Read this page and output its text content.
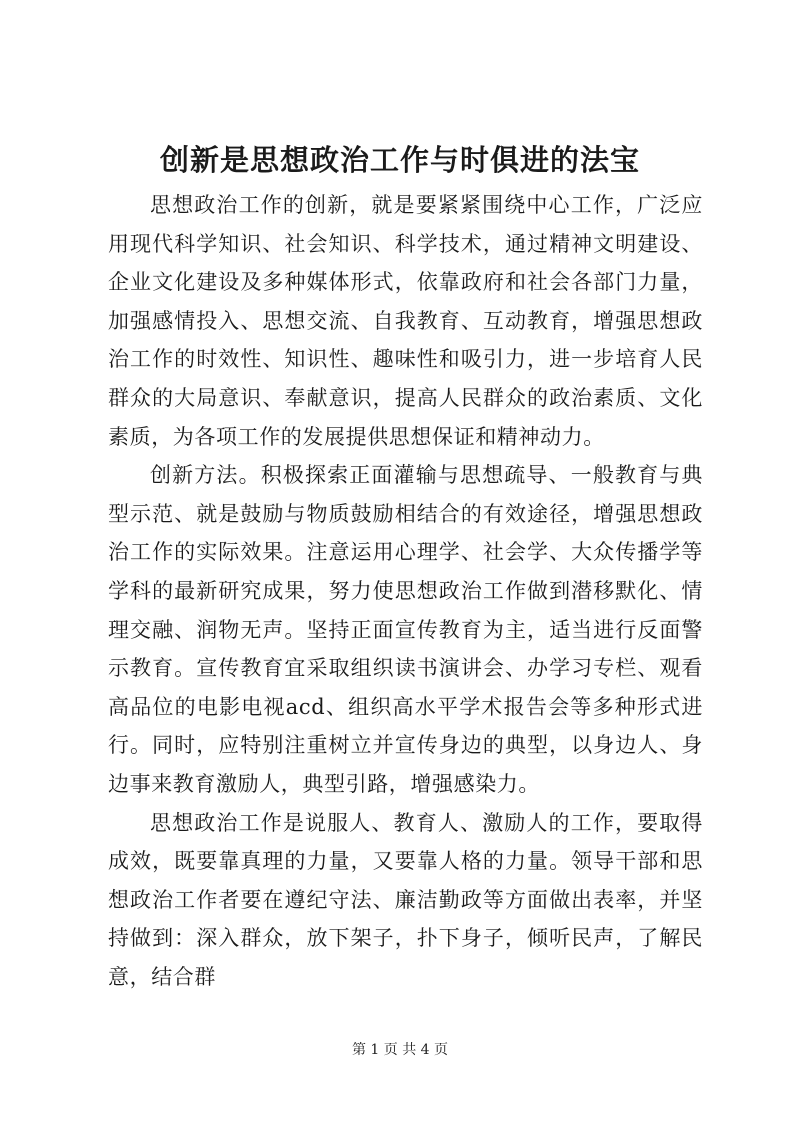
创新是思想政治工作与时俱进的法宝

思想政治工作的创新，就是要紧紧围绕中心工作，广泛应用现代科学知识、社会知识、科学技术，通过精神文明建设、企业文化建设及多种媒体形式，依靠政府和社会各部门力量，加强感情投入、思想交流、自我教育、互动教育，增强思想政治工作的时效性、知识性、趣味性和吸引力，进一步培育人民群众的大局意识、奉献意识，提高人民群众的政治素质、文化素质，为各项工作的发展提供思想保证和精神动力。

创新方法。积极探索正面灌输与思想疏导、一般教育与典型示范、就是鼓励与物质鼓励相结合的有效途径，增强思想政治工作的实际效果。注意运用心理学、社会学、大众传播学等学科的最新研究成果，努力使思想政治工作做到潜移默化、情理交融、润物无声。坚持正面宣传教育为主，适当进行反面警示教育。宣传教育宜采取组织读书演讲会、办学习专栏、观看高品位的电影电视acd、组织高水平学术报告会等多种形式进行。同时，应特别注重树立并宣传身边的典型，以身边人、身边事来教育激励人，典型引路，增强感染力。

思想政治工作是说服人、教育人、激励人的工作，要取得成效，既要靠真理的力量，又要靠人格的力量。领导干部和思想政治工作者要在遵纪守法、廉洁勤政等方面做出表率，并坚持做到：深入群众，放下架子，扑下身子，倾听民声，了解民意，结合群

第 1 页 共 4 页
